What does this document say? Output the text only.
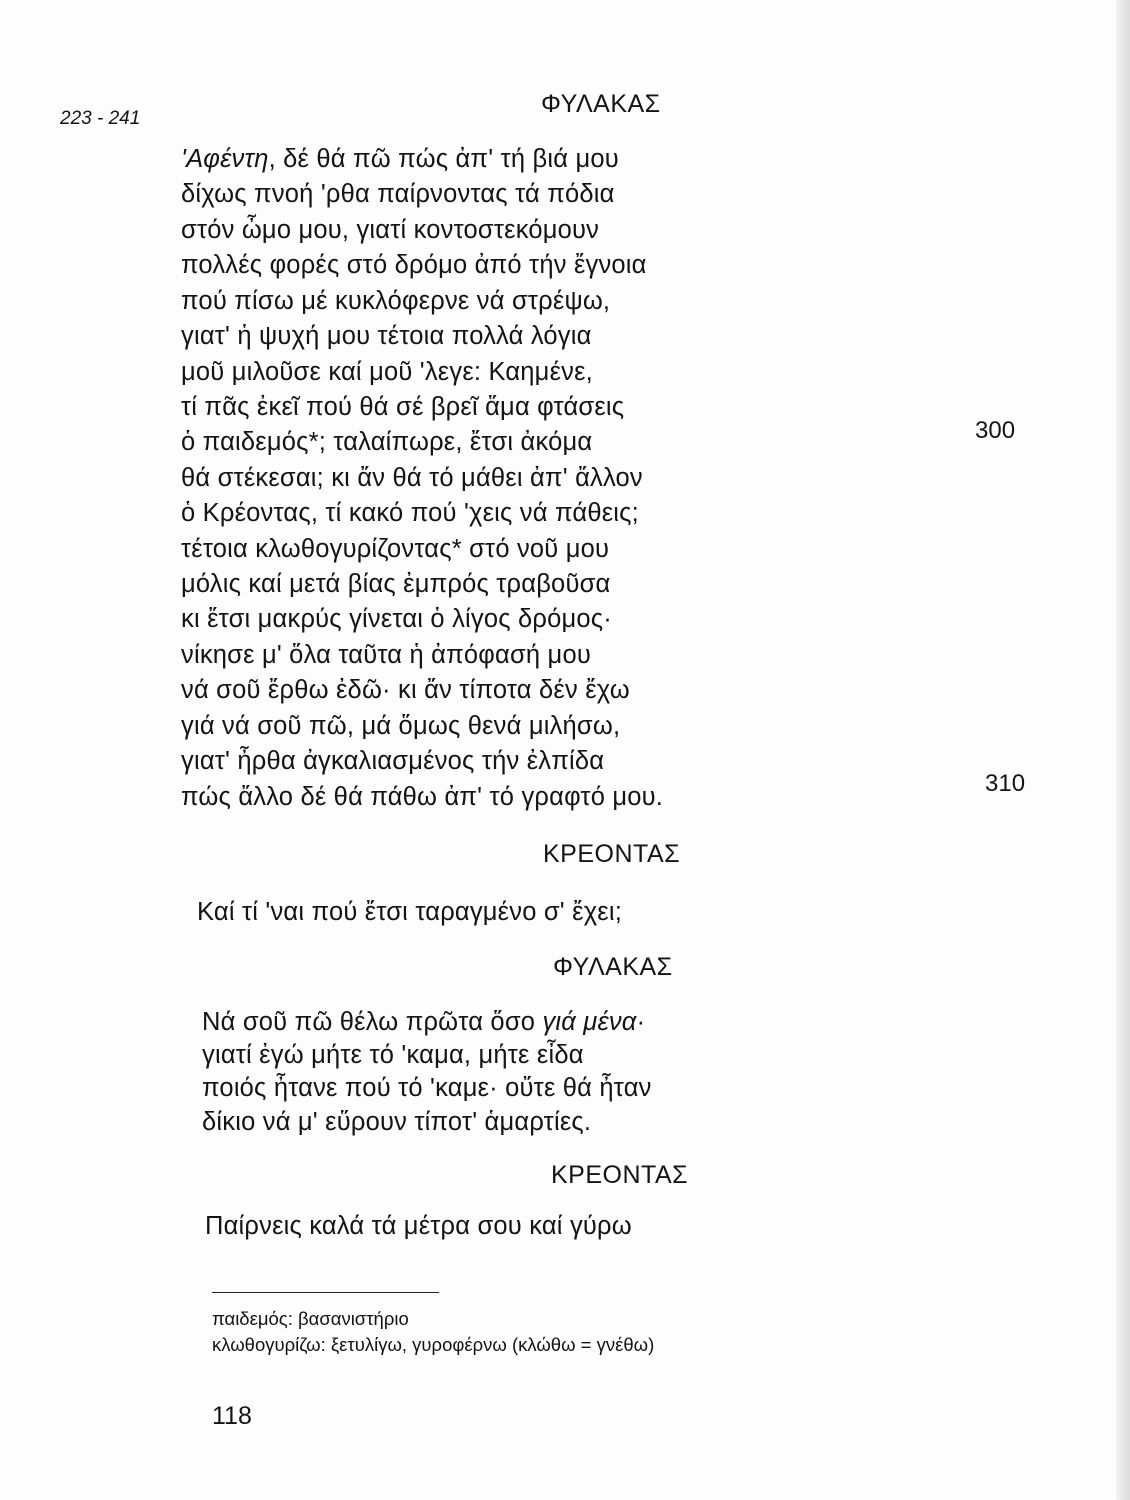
223 - 241
ΦΥΛΑΚΑΣ
'Αφέντη, δέ θά πῶ πώς ἀπ' τή βιά μου
δίχως πνοή 'ρθα παίρνοντας τά πόδια
στόν ὦμο μου, γιατί κοντοστεκόμουν
πολλές φορές στό δρόμο ἀπό τήν ἔγνοια
πού πίσω μέ κυκλόφερνε νά στρέψω,
γιατ' ἡ ψυχή μου τέτοια πολλά λόγια
μοῦ μιλοῦσε καί μοῦ 'λεγε: Καημένε,
τί πᾶς ἐκεῖ πού θά σέ βρεῖ ἅμα φτάσεις
ὁ παιδεμός*; ταλαίπωρε, ἔτσι ἀκόμα
θά στέκεσαι; κι ἄν θά τό μάθει ἀπ' ἄλλον
ὁ Κρέοντας, τί κακό πού 'χεις νά πάθεις;
τέτοια κλωθογυρίζοντας* στό νοῦ μου
μόλις καί μετά βίας ἐμπρός τραβοῦσα
κι ἔτσι μακρύς γίνεται ὁ λίγος δρόμος·
νίκησε μ' ὅλα ταῦτα ἡ ἀπόφασή μου
νά σοῦ ἔρθω ἐδῶ· κι ἄν τίποτα δέν ἔχω
γιά νά σοῦ πῶ, μά ὅμως θενά μιλήσω,
γιατ' ἦρθα ἀγκαλιασμένος τήν ἐλπίδα
πώς ἄλλο δέ θά πάθω ἀπ' τό γραφτό μου.
300
310
ΚΡΕΟΝΤΑΣ
Καί τί 'ναι πού ἔτσι ταραγμένο σ' ἔχει;
ΦΥΛΑΚΑΣ
Νά σοῦ πῶ θέλω πρῶτα ὅσο γιά μένα·
γιατί ἐγώ μήτε τό 'καμα, μήτε εἶδα
ποιός ἦτανε πού τό 'καμε· οὔτε θά ἦταν
δίκιο νά μ' εὕρουν τίποτ' ἁμαρτίες.
ΚΡΕΟΝΤΑΣ
Παίρνεις καλά τά μέτρα σου καί γύρω
παιδεμός: βασανιστήριο
κλωθογυρίζω: ξετυλίγω, γυροφέρνω (κλώθω = γνέθω)
118
